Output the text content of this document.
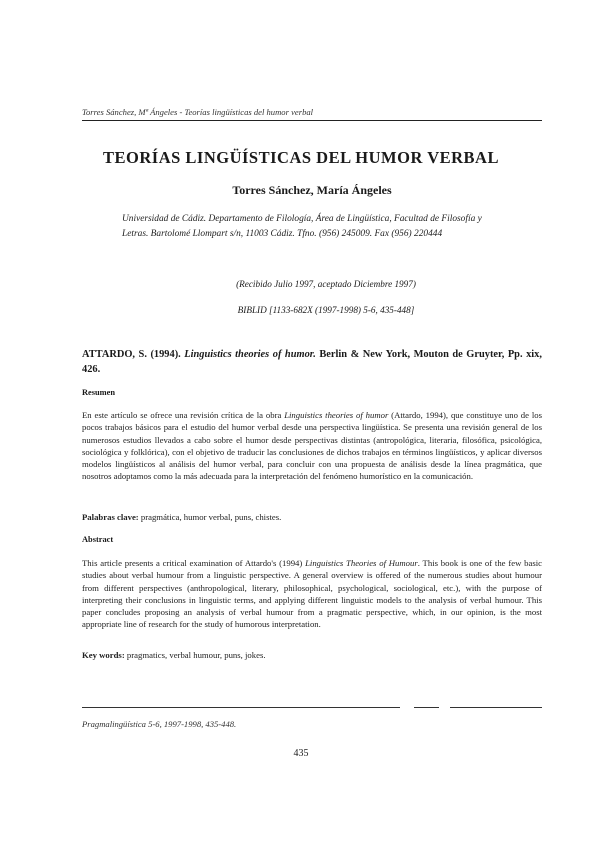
Torres Sánchez, Mª Ángeles - Teorías lingüísticas del humor verbal
TEORÍAS LINGÜÍSTICAS DEL HUMOR VERBAL
Torres Sánchez, María Ángeles
Universidad de Cádiz. Departamento de Filología, Área de Lingüística, Facultad de Filosofía y Letras. Bartolomé Llompart s/n, 11003 Cádiz. Tfno. (956) 245009. Fax (956) 220444
(Recibido Julio 1997, aceptado Diciembre 1997)
BIBLID [1133-682X (1997-1998) 5-6, 435-448]

ATTARDO, S. (1994). Linguistics theories of humor. Berlin & New York, Mouton de Gruyter, Pp. xix, 426.

Resumen

En este artículo se ofrece una revisión crítica de la obra Linguistics theories of humor (Attardo, 1994), que constituye uno de los pocos trabajos básicos para el estudio del humor verbal desde una perspectiva lingüística. Se presenta una revisión general de los numerosos estudios llevados a cabo sobre el humor desde perspectivas distintas (antropológica, literaria, filosófica, psicológica, sociológica y folklórica), con el objetivo de traducir las conclusiones de dichos trabajos en términos lingüísticos, y aplicar diversos modelos lingüísticos al análisis del humor verbal, para concluir con una propuesta de análisis desde la línea pragmática, que nosotros adoptamos como la más adecuada para la interpretación del fenómeno humorístico en la comunicación.

Palabras clave: pragmática, humor verbal, puns, chistes.

Abstract

This article presents a critical examination of Attardo's (1994) Linguistics Theories of Humour. This book is one of the few basic studies about verbal humour from a linguistic perspective. A general overview is offered of the numerous studies about humour from different perspectives (anthropological, literary, philosophical, psychological, sociological, etc.), with the purpose of interpreting their conclusions in linguistic terms, and applying different linguistic models to the analysis of verbal humour. This paper concludes proposing an analysis of verbal humour from a pragmatic perspective, which, in our opinion, is the most appropriate line of research for the study of humorous interpretation.

Key words: pragmatics, verbal humour, puns, jokes.

Pragmalingüística 5-6, 1997-1998, 435-448.
435
